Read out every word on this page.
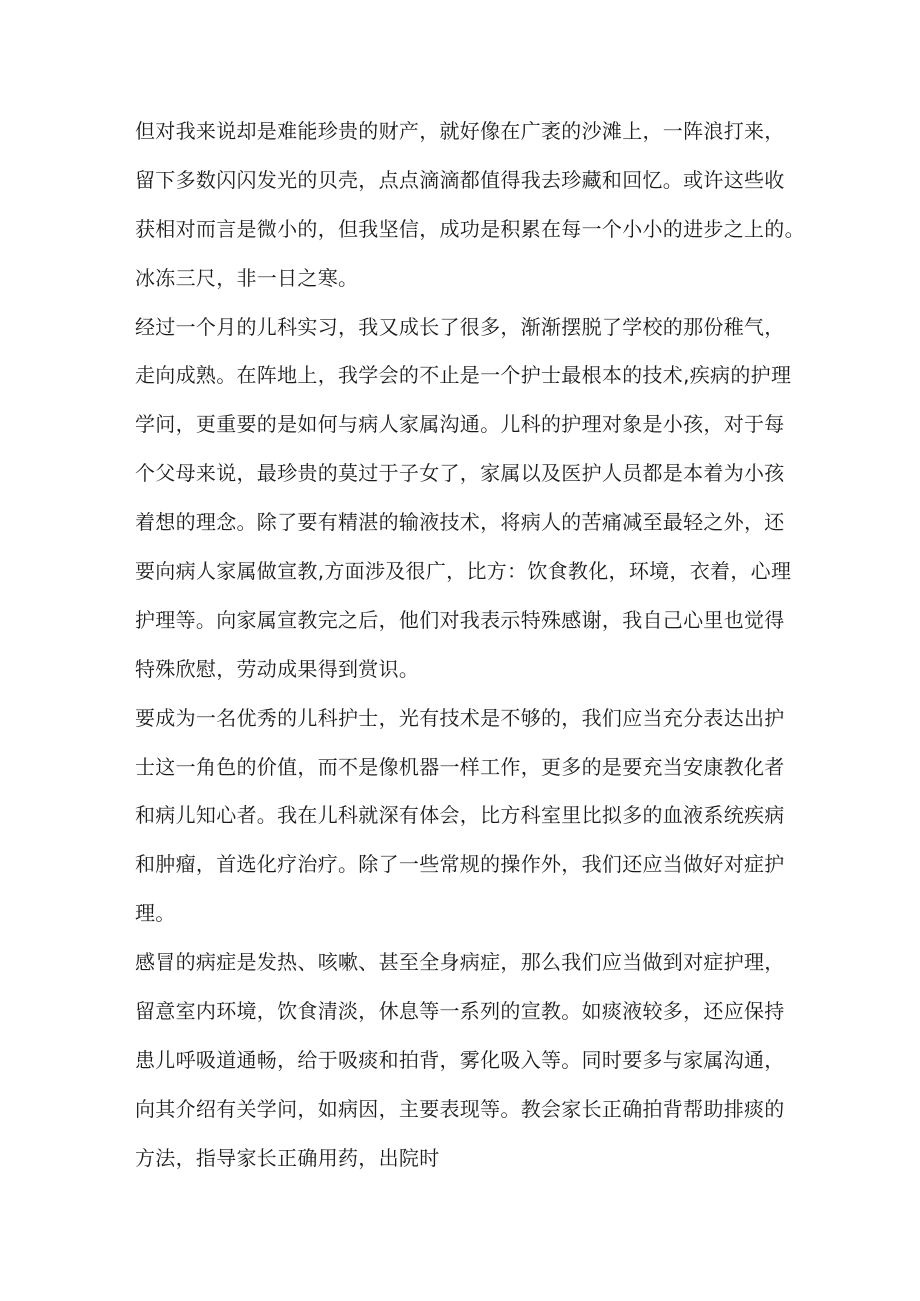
但对我来说却是难能珍贵的财产，就好像在广袤的沙滩上，一阵浪打来，
留下多数闪闪发光的贝壳，点点滴滴都值得我去珍藏和回忆。或许这些收
获相对而言是微小的，但我坚信，成功是积累在每一个小小的进步之上的。
冰冻三尺，非一日之寒。
经过一个月的儿科实习，我又成长了很多，渐渐摆脱了学校的那份稚气，
走向成熟。在阵地上，我学会的不止是一个护士最根本的技术,疾病的护理
学问，更重要的是如何与病人家属沟通。儿科的护理对象是小孩，对于每
个父母来说，最珍贵的莫过于子女了，家属以及医护人员都是本着为小孩
着想的理念。除了要有精湛的输液技术，将病人的苦痛减至最轻之外，还
要向病人家属做宣教,方面涉及很广，比方：饮食教化，环境，衣着，心理
护理等。向家属宣教完之后，他们对我表示特殊感谢，我自己心里也觉得
特殊欣慰，劳动成果得到赏识。
要成为一名优秀的儿科护士，光有技术是不够的，我们应当充分表达出护
士这一角色的价值，而不是像机器一样工作，更多的是要充当安康教化者
和病儿知心者。我在儿科就深有体会，比方科室里比拟多的血液系统疾病
和肿瘤，首选化疗治疗。除了一些常规的操作外，我们还应当做好对症护
理。
感冒的病症是发热、咳嗽、甚至全身病症，那么我们应当做到对症护理，
留意室内环境，饮食清淡，休息等一系列的宣教。如痰液较多，还应保持
患儿呼吸道通畅，给于吸痰和拍背，雾化吸入等。同时要多与家属沟通，
向其介绍有关学问，如病因，主要表现等。教会家长正确拍背帮助排痰的
方法，指导家长正确用药，出院时
